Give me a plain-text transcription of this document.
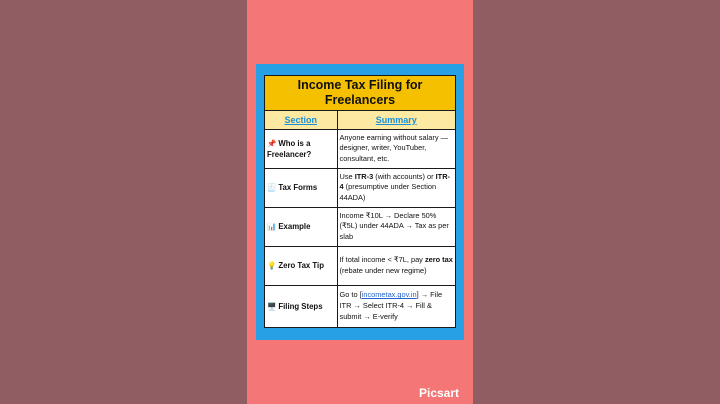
Income Tax Filing for Freelancers
Section	Summary
📌 Who is a Freelancer?	Anyone earning without salary — designer, writer, YouTuber, consultant, etc.
🧾 Tax Forms	Use ITR-3 (with accounts) or ITR-4 (presumptive under Section 44ADA)
📊 Example	Income ₹10L → Declare 50% (₹5L) under 44ADA → Tax as per slab
💡 Zero Tax Tip	If total income < ₹7L, pay zero tax (rebate under new regime)
🖥️ Filing Steps	Go to [incometax.gov.in] → File ITR → Select ITR-4 → Fill & submit → E-verify
Picsart
